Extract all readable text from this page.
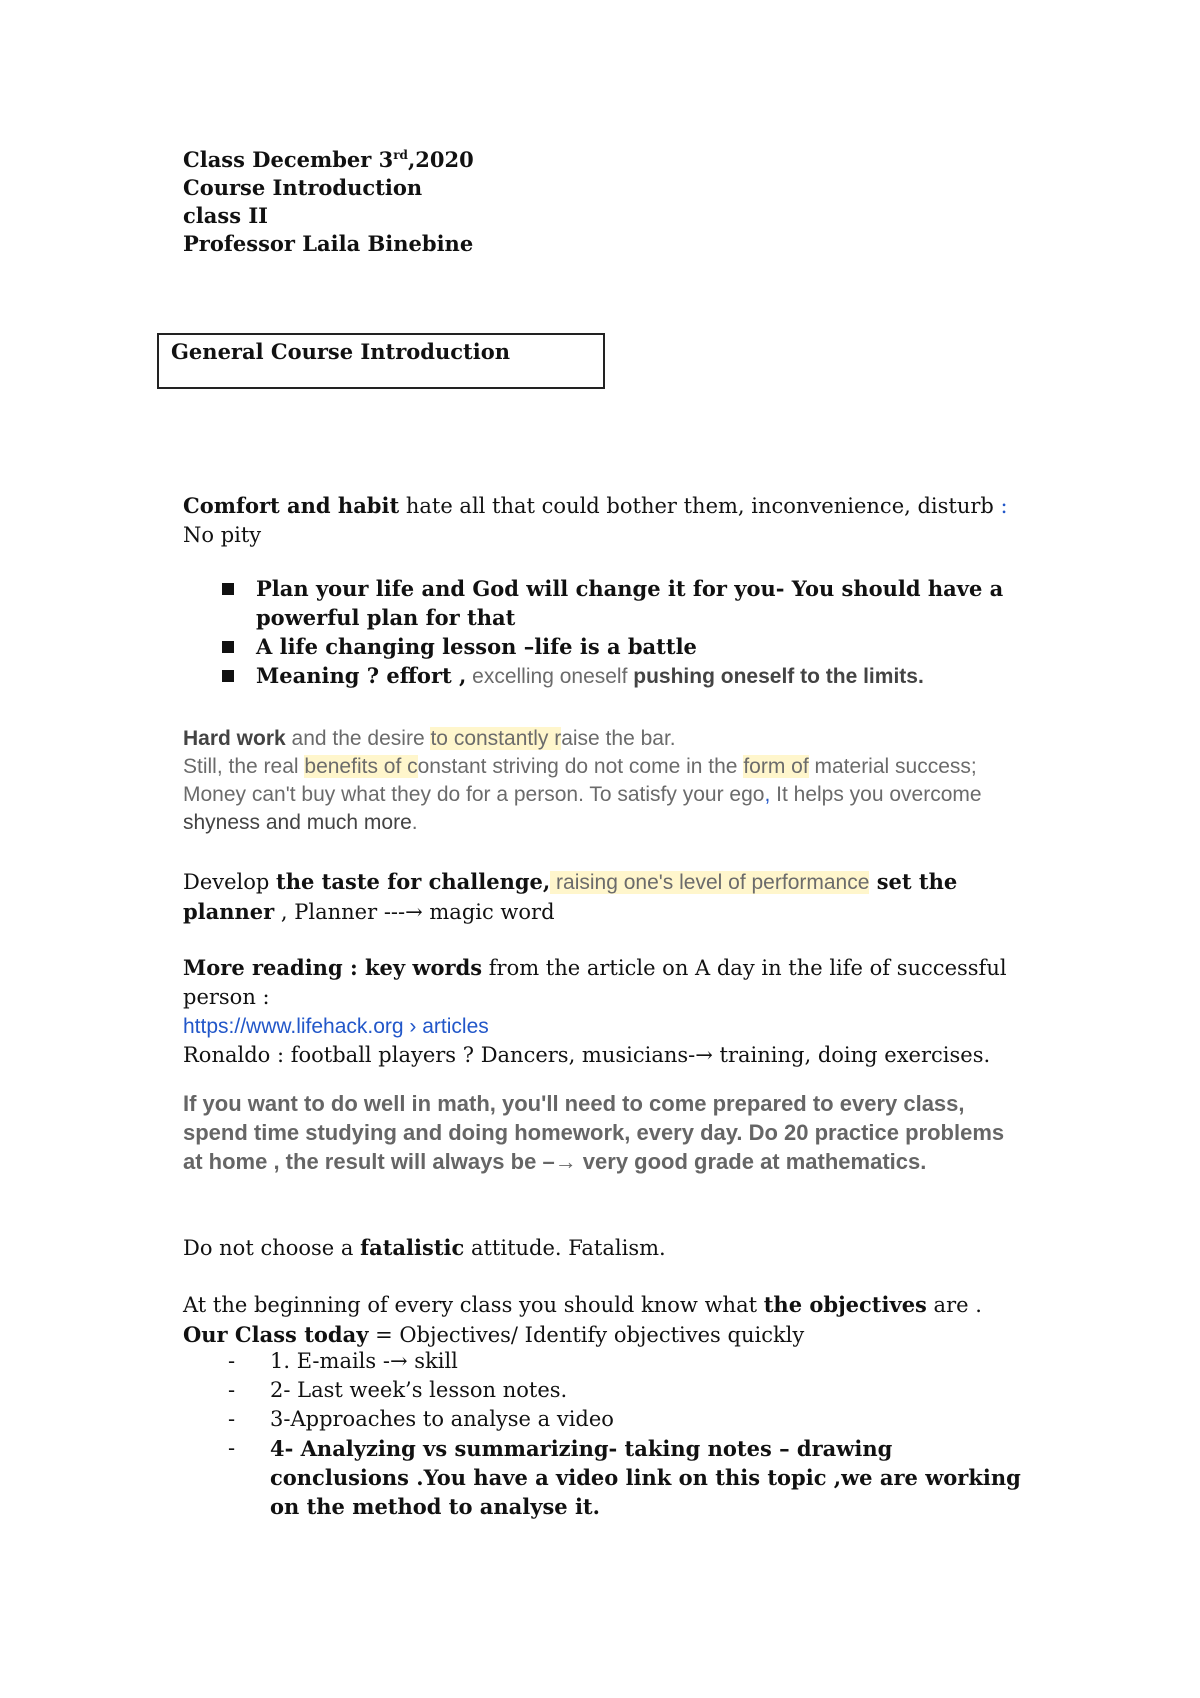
Class December 3rd,2020
Course Introduction
class II
Professor Laila Binebine
General Course Introduction
Comfort and habit hate all that could bother them, inconvenience, disturb : No pity
Plan your life and God will change it for you- You should have a powerful plan for that
A life changing lesson –life is a battle
Meaning ? effort , excelling oneself pushing oneself to the limits.
Hard work and the desire to constantly raise the bar.
Still, the real benefits of constant striving do not come in the form of material success; Money can't buy what they do for a person. To satisfy your ego, It helps you overcome shyness and much more.
Develop the taste for challenge, raising one's level of performance set the planner , Planner ---→ magic word
More reading : key words from the article on A day in the life of successful person :
https://www.lifehack.org › articles
Ronaldo : football players ? Dancers, musicians-→ training, doing exercises.
If you want to do well in math, you'll need to come prepared to every class, spend time studying and doing homework, every day. Do 20 practice problems at home , the result will always be –→ very good grade at mathematics.
Do not choose a fatalistic attitude. Fatalism.
At the beginning of every class you should know what the objectives are .
Our Class today = Objectives/ Identify objectives quickly
- 1. E-mails -→ skill
- 2- Last week’s lesson notes.
- 3-Approaches to analyse a video
- 4- Analyzing vs summarizing- taking notes – drawing conclusions .You have a video link on this topic ,we are working on the method to analyse it.
